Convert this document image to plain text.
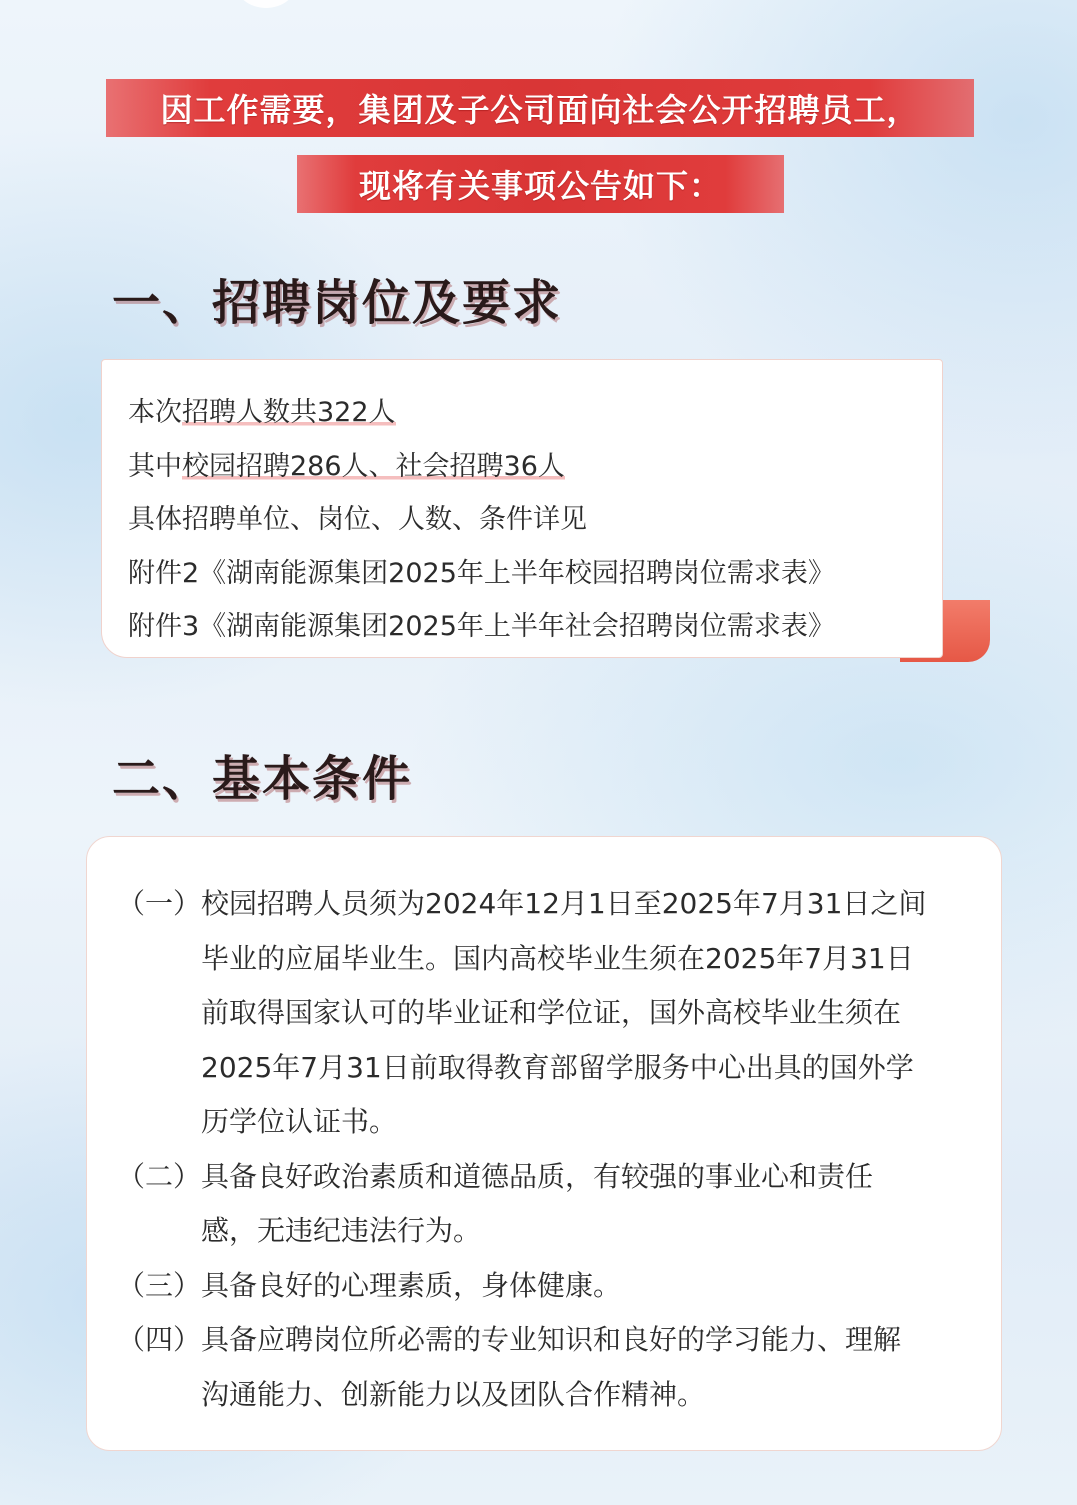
因工作需要，集团及子公司面向社会公开招聘员工，
现将有关事项公告如下：
一、招聘岗位及要求
本次招聘人数共322人
其中校园招聘286人、社会招聘36人
具体招聘单位、岗位、人数、条件详见
附件2《湖南能源集团2025年上半年校园招聘岗位需求表》
附件3《湖南能源集团2025年上半年社会招聘岗位需求表》
二、基本条件
（一） 校园招聘人员须为2024年12月1日至2025年7月31日之间
毕业的应届毕业生。国内高校毕业生须在2025年7月31日
前取得国家认可的毕业证和学位证，国外高校毕业生须在
2025年7月31日前取得教育部留学服务中心出具的国外学
历学位认证书。
（二） 具备良好政治素质和道德品质，有较强的事业心和责任
感，无违纪违法行为。
（三） 具备良好的心理素质，身体健康。
（四） 具备应聘岗位所必需的专业知识和良好的学习能力、理解
沟通能力、创新能力以及团队合作精神。
